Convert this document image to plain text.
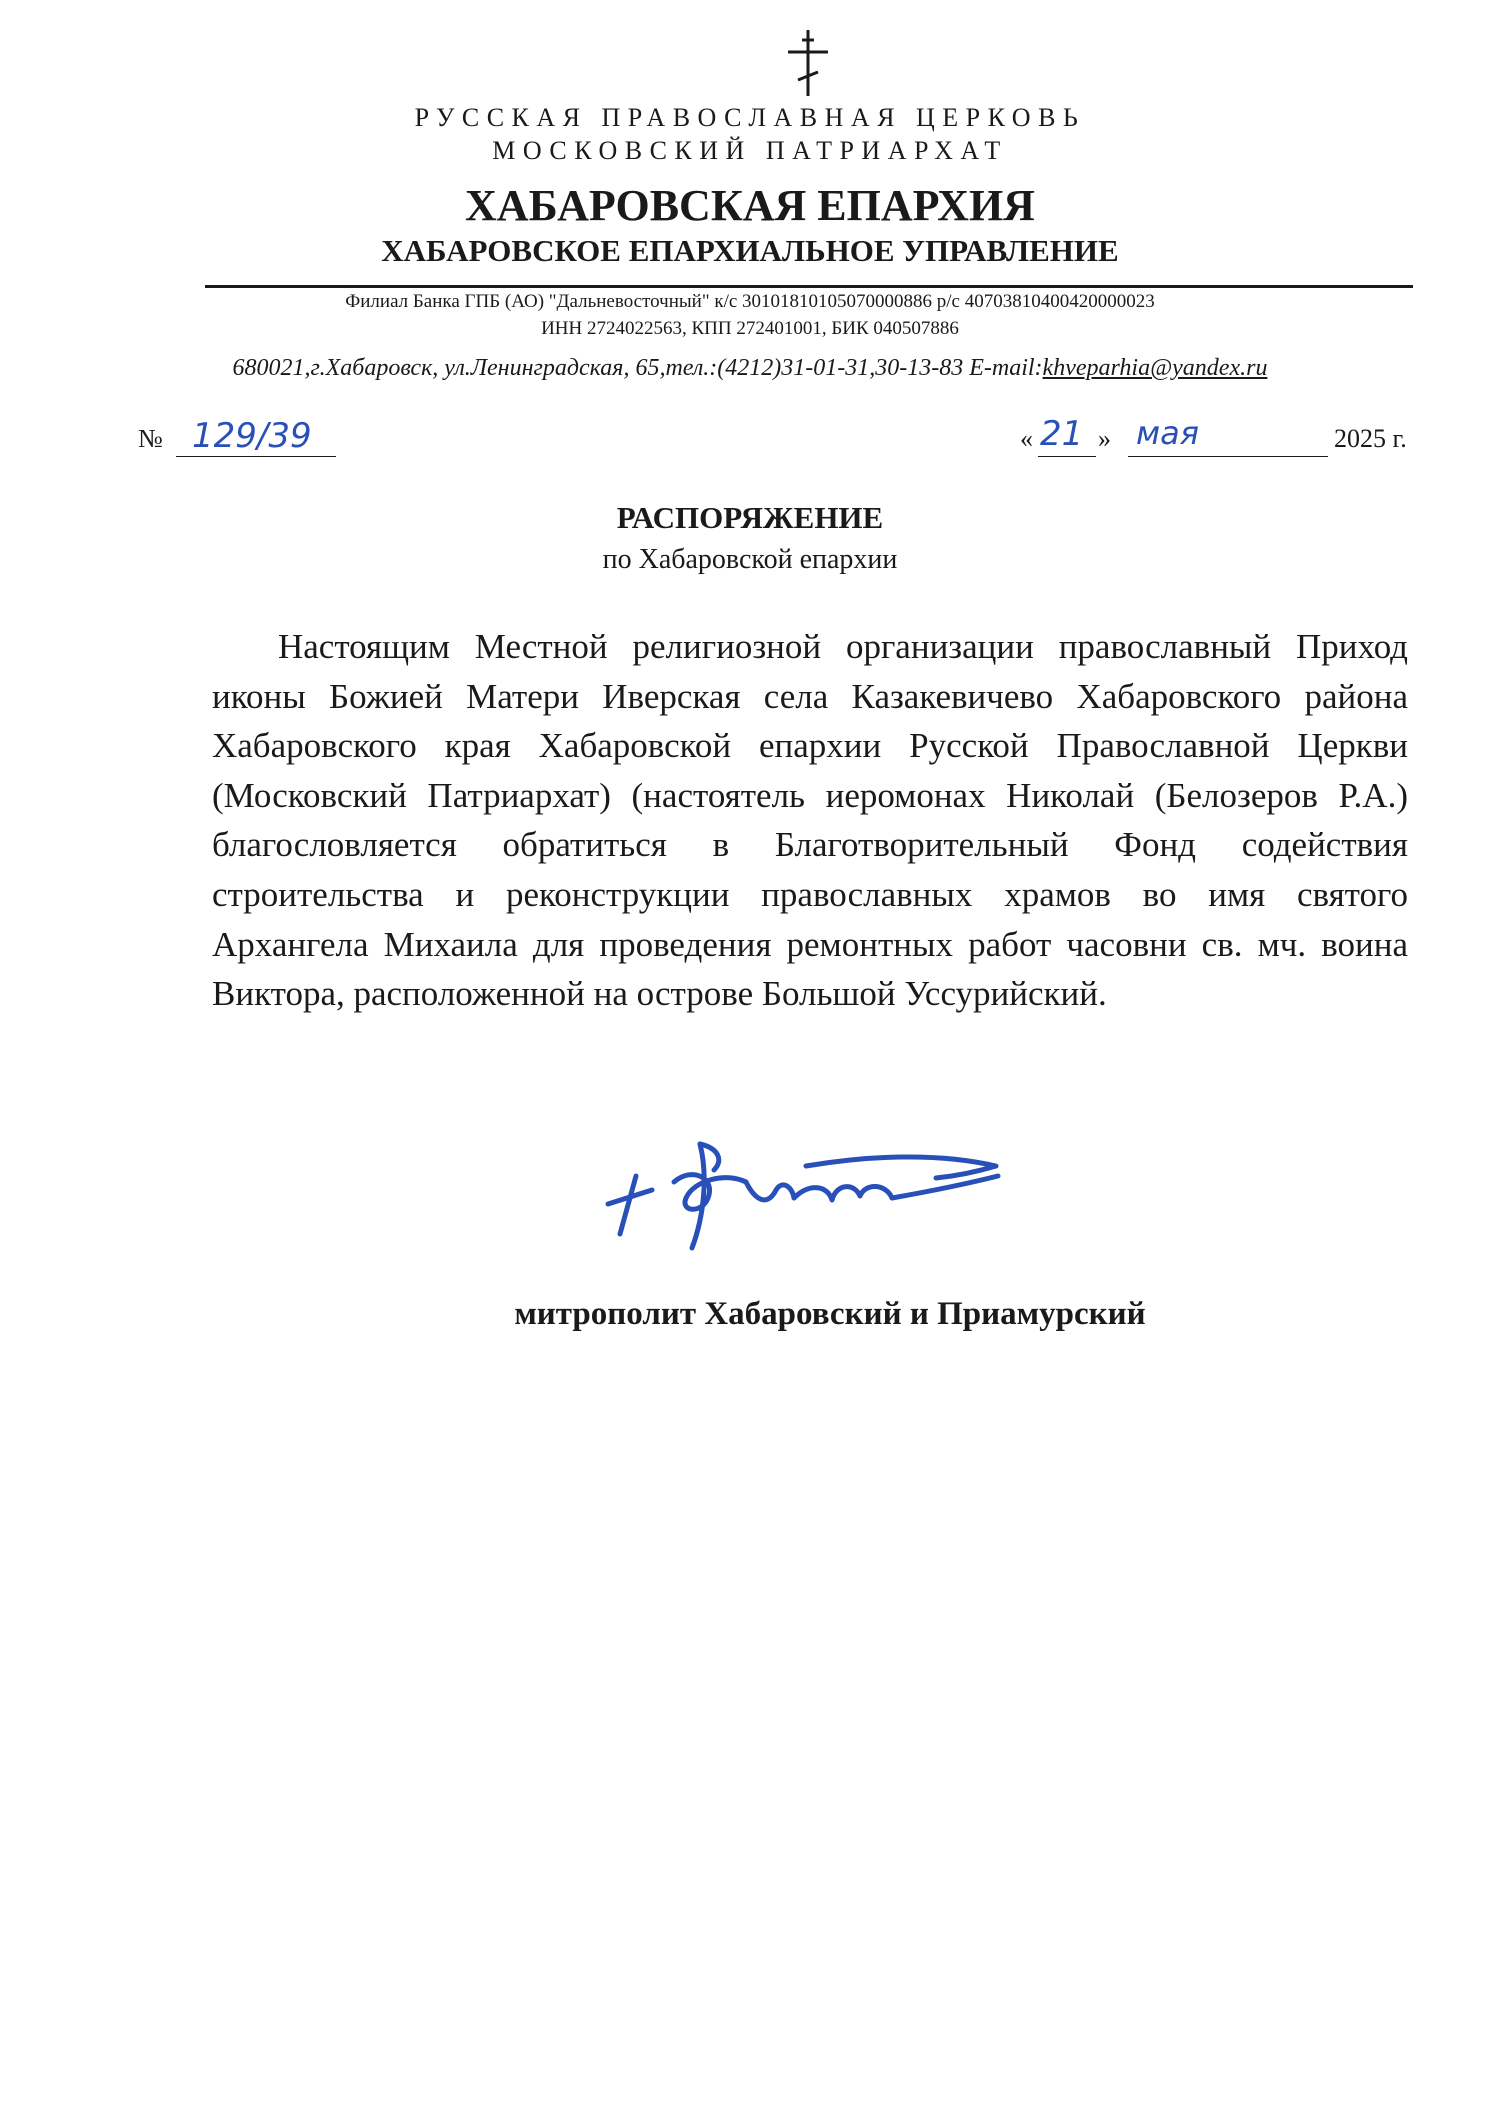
РУССКАЯ ПРАВОСЛАВНАЯ ЦЕРКОВЬ
МОСКОВСКИЙ ПАТРИАРХАТ
ХАБАРОВСКАЯ ЕПАРХИЯ
ХАБАРОВСКОЕ ЕПАРХИАЛЬНОЕ УПРАВЛЕНИЕ
Филиал Банка ГПБ (АО) "Дальневосточный" к/с 30101810105070000886 р/с 40703810400420000023
ИНН 2724022563, КПП 272401001, БИК 040507886
680021,г.Хабаровск, ул.Ленинградская, 65,тел.:(4212)31-01-31,30-13-83 E-mail:khveparhia@yandex.ru
№ 129/39	« 21 » мая	2025 г.
РАСПОРЯЖЕНИЕ
по Хабаровской епархии

Настоящим Местной религиозной организации православный Приход иконы Божией Матери Иверская села Казакевичево Хабаровского района Хабаровского края Хабаровской епархии Русской Православной Церкви (Московский Патриархат) (настоятель иеромонах Николай (Белозеров Р.А.) благословляется обратиться в Благотворительный Фонд содействия строительства и реконструкции православных храмов во имя святого Архангела Михаила для проведения ремонтных работ часовни св. мч. воина Виктора, расположенной на острове Большой Уссурийский.

митрополит Хабаровский и Приамурский
